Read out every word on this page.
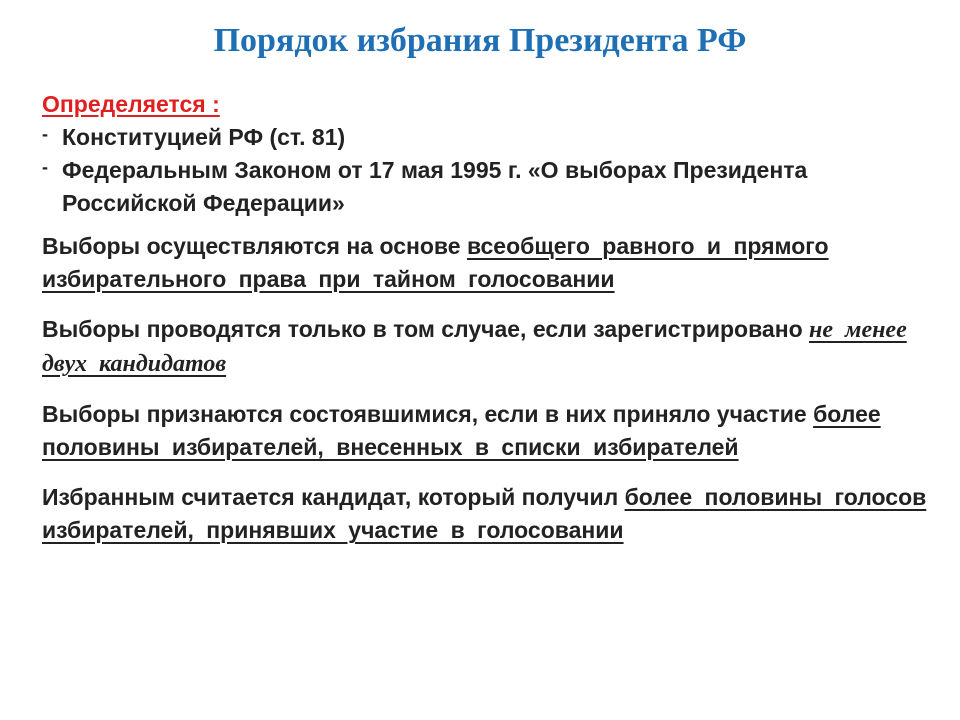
Порядок избрания Президента РФ
Определяется :
- Конституцией РФ (ст. 81)
- Федеральным Законом от 17 мая 1995 г. «О выборах Президента Российской Федерации»

Выборы осуществляются на основе всеобщего равного и прямого избирательного права при тайном голосовании

Выборы проводятся только в том случае, если зарегистрировано не менее двух кандидатов

Выборы признаются состоявшимися, если в них приняло участие более половины избирателей, внесенных в списки избирателей

Избранным считается кандидат, который получил более половины голосов избирателей, принявших участие в голосовании
